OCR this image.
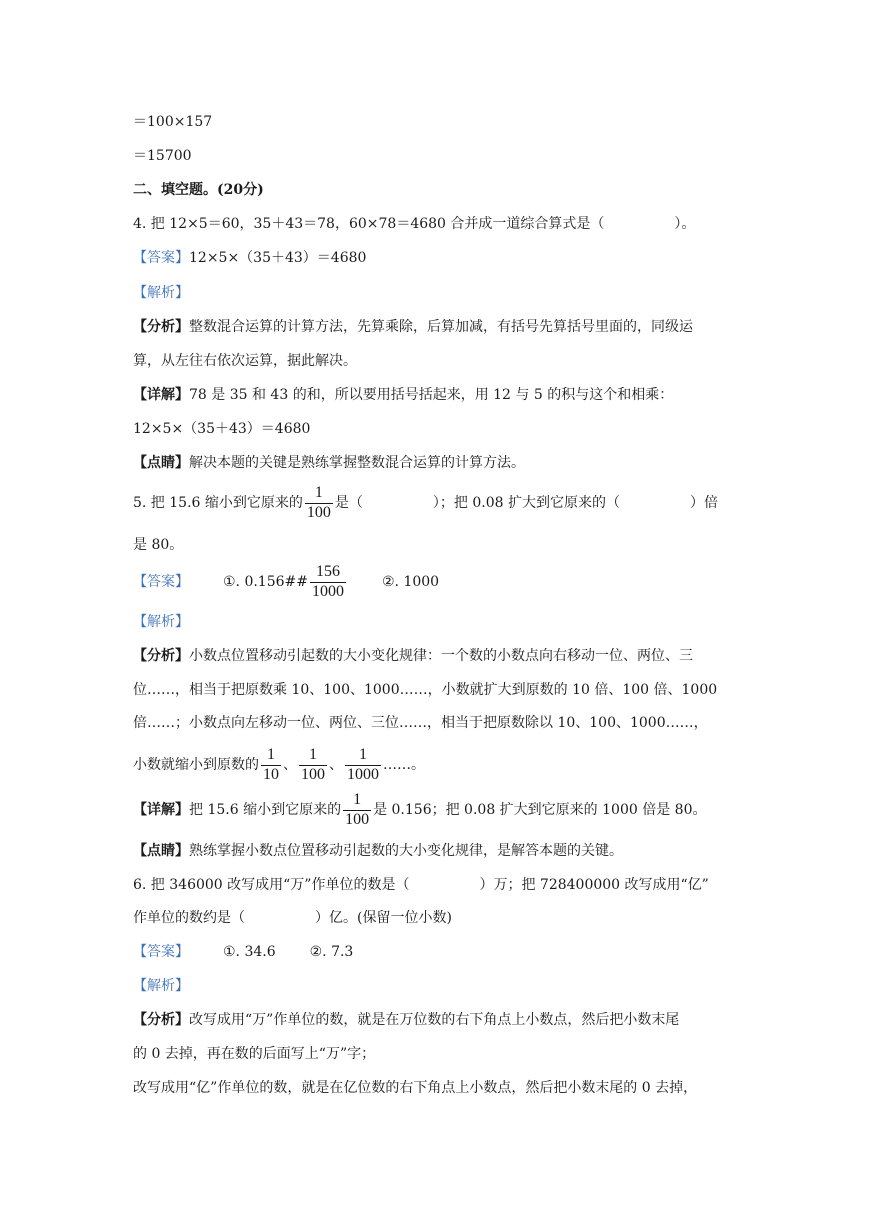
＝100×157
＝15700
二、填空题。(20分)
4. 把 12×5＝60，35＋43＝78，60×78＝4680 合并成一道综合算式是（　　　　　）。
【答案】12×5×（35＋43）＝4680
【解析】
【分析】整数混合运算的计算方法，先算乘除，后算加减，有括号先算括号里面的，同级运
算，从左往右依次运算，据此解决。
【详解】78 是 35 和 43 的和，所以要用括号括起来，用 12 与 5 的积与这个和相乘：
12×5×（35＋43）＝4680
【点睛】解决本题的关键是熟练掌握整数混合运算的计算方法。
5. 把 15.6 缩小到它原来的 $\frac{1}{100}$ 是（　　　　　）；把 0.08 扩大到它原来的（　　　　　）倍
是 80。
【答案】 ①. 0.156## $\frac{156}{1000}$	②. 1000
【解析】
【分析】小数点位置移动引起数的大小变化规律：一个数的小数点向右移动一位、两位、三
位……，相当于把原数乘 10、100、1000……，小数就扩大到原数的 10 倍、100 倍、1000
倍……；小数点向左移动一位、两位、三位……，相当于把原数除以 10、100、1000……，
小数就缩小到原数的 $\frac{1}{10}$ 、 $\frac{1}{100}$ 、 $\frac{1}{1000}$ ……。
【详解】把 15.6 缩小到它原来的 $\frac{1}{100}$ 是 0.156；把 0.08 扩大到它原来的 1000 倍是 80。
【点睛】熟练掌握小数点位置移动引起数的大小变化规律，是解答本题的关键。
6. 把 346000 改写成用“万”作单位的数是（　　　　　）万；把 728400000 改写成用“亿”
作单位的数约是（　　　　　）亿。(保留一位小数)
【答案】 ①. 34.6 ②. 7.3
【解析】
【分析】改写成用“万”作单位的数，就是在万位数的右下角点上小数点，然后把小数末尾
的 0 去掉，再在数的后面写上“万”字；
改写成用“亿”作单位的数，就是在亿位数的右下角点上小数点，然后把小数末尾的 0 去掉，
